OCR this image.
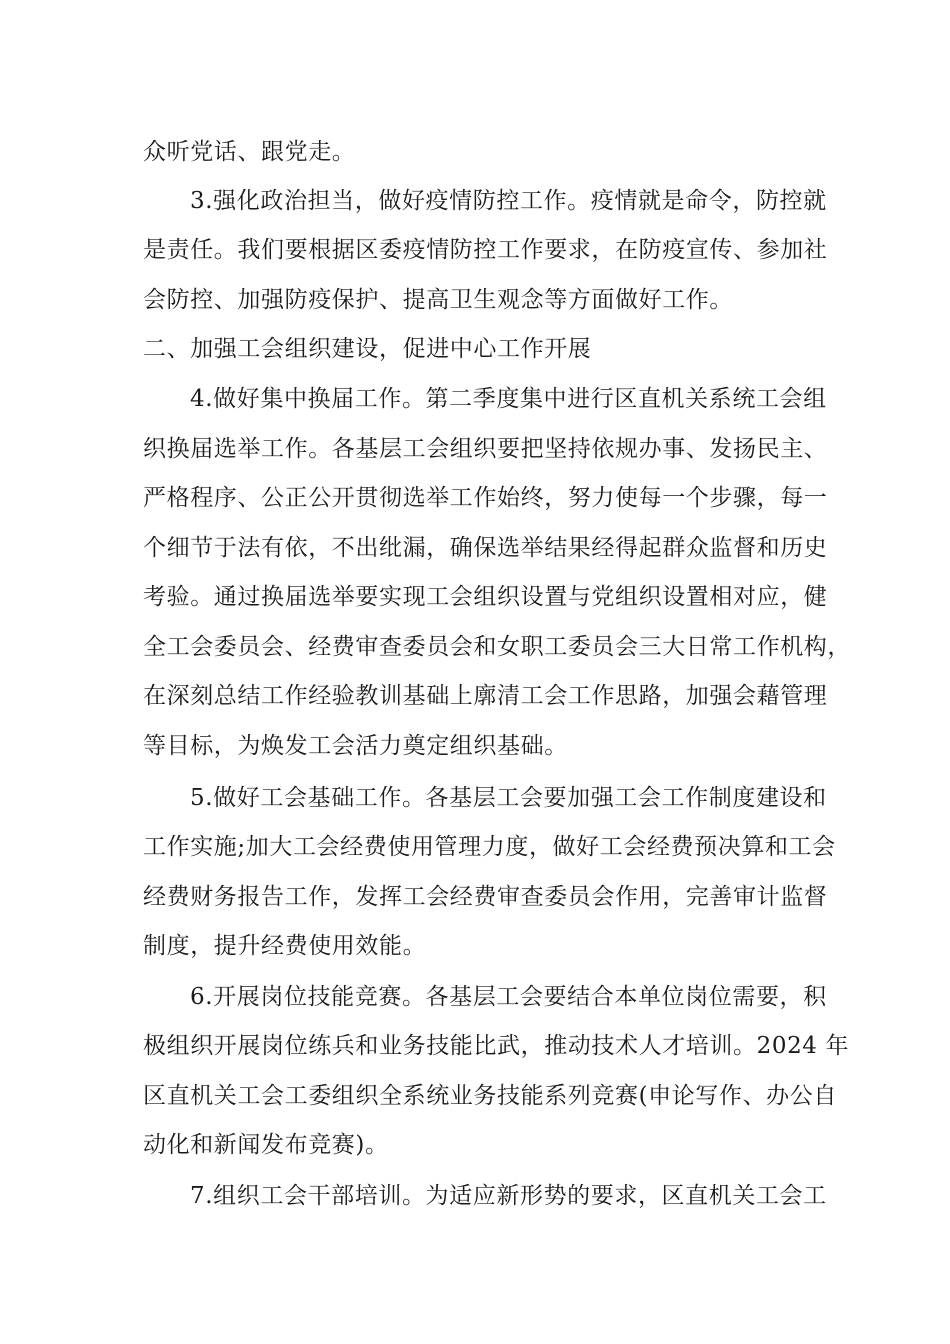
众听党话、跟党走。
3.强化政治担当，做好疫情防控工作。疫情就是命令，防控就
是责任。我们要根据区委疫情防控工作要求，在防疫宣传、参加社
会防控、加强防疫保护、提高卫生观念等方面做好工作。
二、加强工会组织建设，促进中心工作开展
4.做好集中换届工作。第二季度集中进行区直机关系统工会组
织换届选举工作。各基层工会组织要把坚持依规办事、发扬民主、
严格程序、公正公开贯彻选举工作始终，努力使每一个步骤，每一
个细节于法有依，不出纰漏，确保选举结果经得起群众监督和历史
考验。通过换届选举要实现工会组织设置与党组织设置相对应，健
全工会委员会、经费审查委员会和女职工委员会三大日常工作机构，
在深刻总结工作经验教训基础上廓清工会工作思路，加强会藉管理
等目标，为焕发工会活力奠定组织基础。
5.做好工会基础工作。各基层工会要加强工会工作制度建设和
工作实施;加大工会经费使用管理力度，做好工会经费预决算和工会
经费财务报告工作，发挥工会经费审查委员会作用，完善审计监督
制度，提升经费使用效能。
6.开展岗位技能竞赛。各基层工会要结合本单位岗位需要，积
极组织开展岗位练兵和业务技能比武，推动技术人才培训。2024 年
区直机关工会工委组织全系统业务技能系列竞赛(申论写作、办公自
动化和新闻发布竞赛)。
7.组织工会干部培训。为适应新形势的要求，区直机关工会工
